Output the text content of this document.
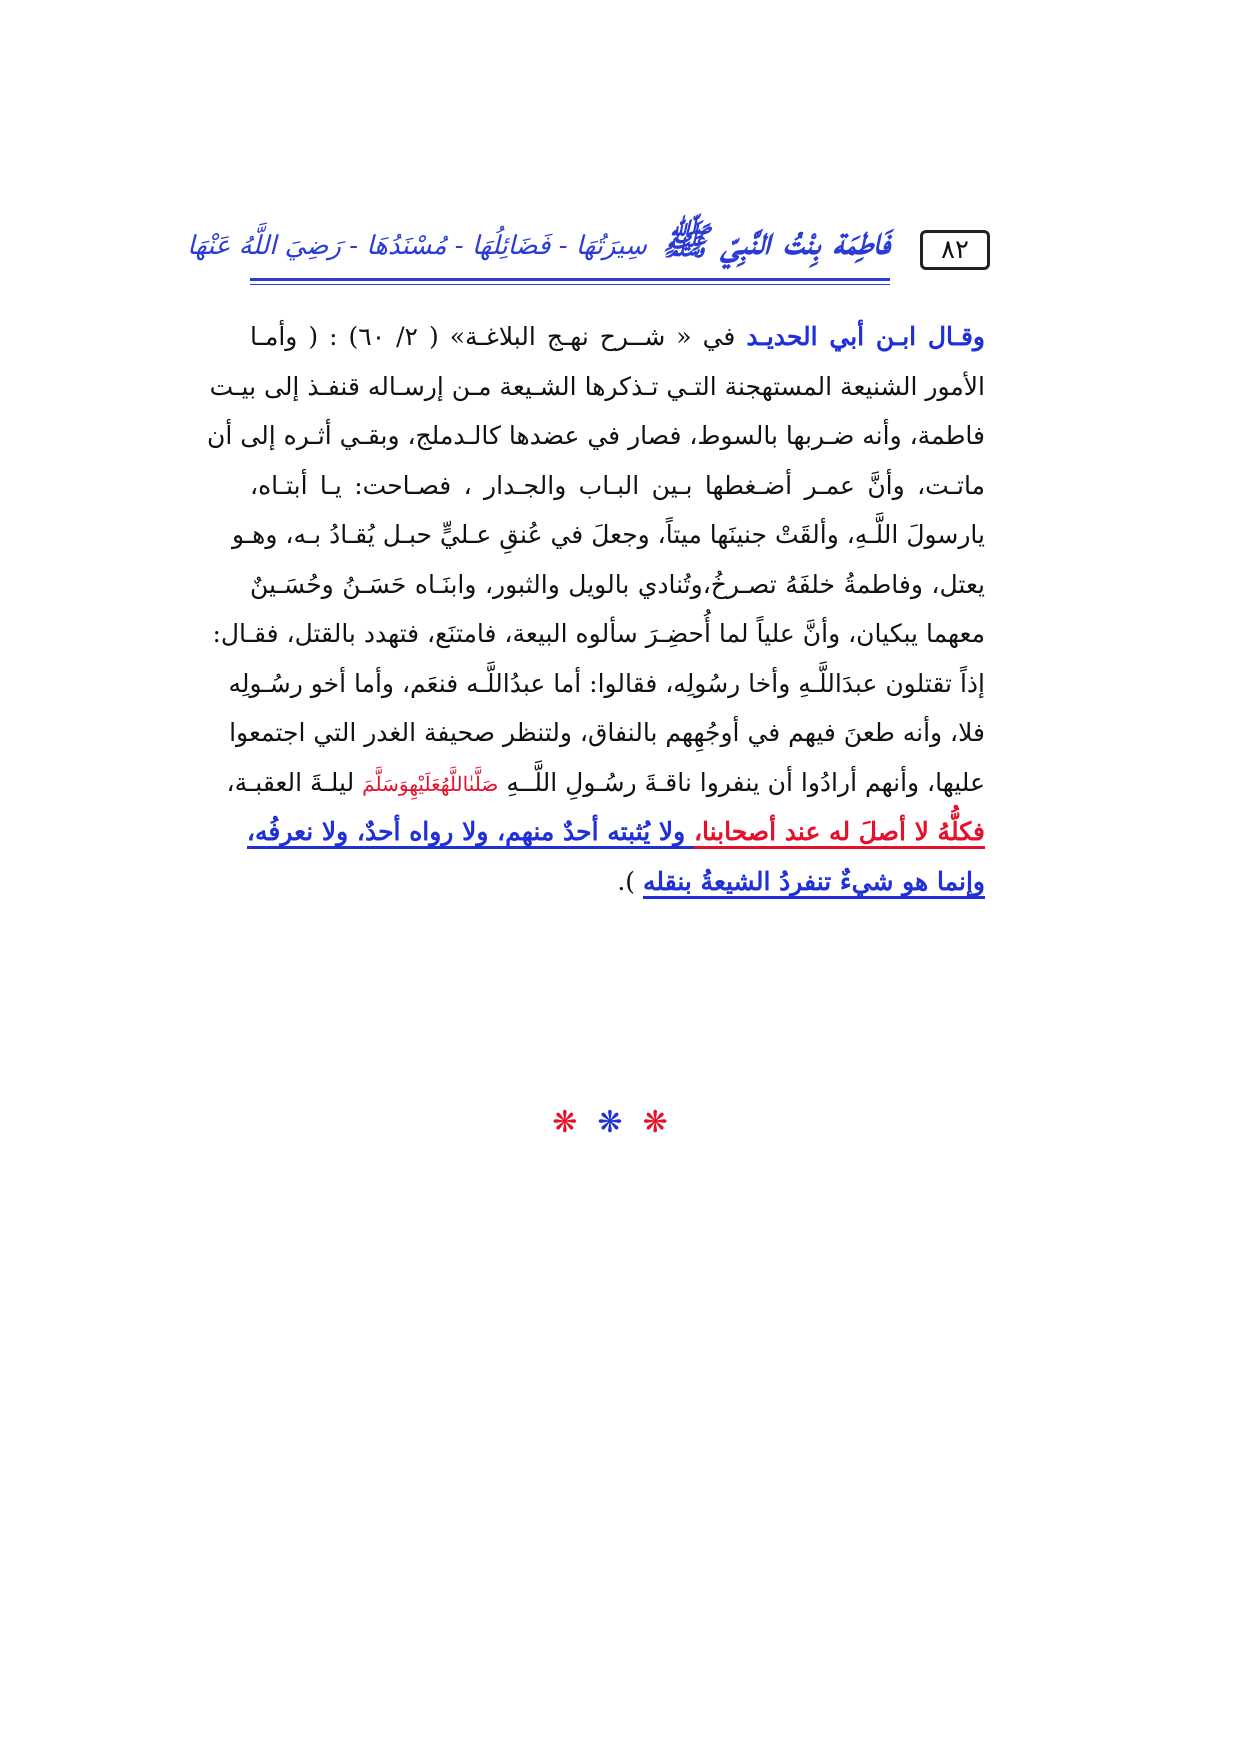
٨٢
فَاطِمَة بِنْتُ النَّبِيّ ﷺ سِيرَتُهَا - فَضَائِلُهَا - مُسْنَدُهَا - رَضِيَ اللَّهُ عَنْهَا
وقـال ابـن أبي الحديـد في « شــرح نهـج البلاغـة» ( ٢/ ٦٠) : ( وأمـا
الأمور الشنيعة المستهجنة التـي تـذكرها الشـيعة مـن إرسـاله قنفـذ إلى بيـت
فاطمة، وأنه ضـربها بالسوط، فصار في عضدها كالـدملج، وبقـي أثـره إلى أن
ماتـت، وأنَّ عمـر أضـغطها بـين البـاب والجـدار ، فصـاحت: يـا أبتـاه،
يارسولَ اللَّـهِ، وألقَتْ جنينَها ميتاً، وجعلَ في عُنقِ عـليٍّ حبـل يُقـادُ بـه، وهـو
يعتل، وفاطمةُ خلفَهُ تصـرخُ،وتُنادي بالويل والثبور، وابنَـاه حَسَـنُ وحُسَـينٌ
معهما يبكيان، وأنَّ علياً لما أُحضِـرَ سألوه البيعة، فامتنَع، فتهدد بالقتل، فقـال:
إذاً تقتلون عبدَاللَّـهِ وأخا رسُولِه، فقالوا: أما عبدُاللَّـه فنعَم، وأما أخو رسُـولِه
فلا، وأنه طعنَ فيهم في أوجُهِهم بالنفاق، ولتنظر صحيفة الغدر التي اجتمعوا
عليها، وأنهم أرادُوا أن ينفروا ناقـةَ رسُـولِ اللَّــهِ صَلَّىٰاللَّهُعَلَيْهِوَسَلَّمَ ليلـةَ العقبـة،
فكلُّهُ لا أصلَ له عند أصحابنا، ولا يُثبته أحدٌ منهم، ولا رواه أحدٌ، ولا نعرفُه،
وإنما هو شيءٌ تنفردُ الشيعةُ بنقله ).
❋❋❋
